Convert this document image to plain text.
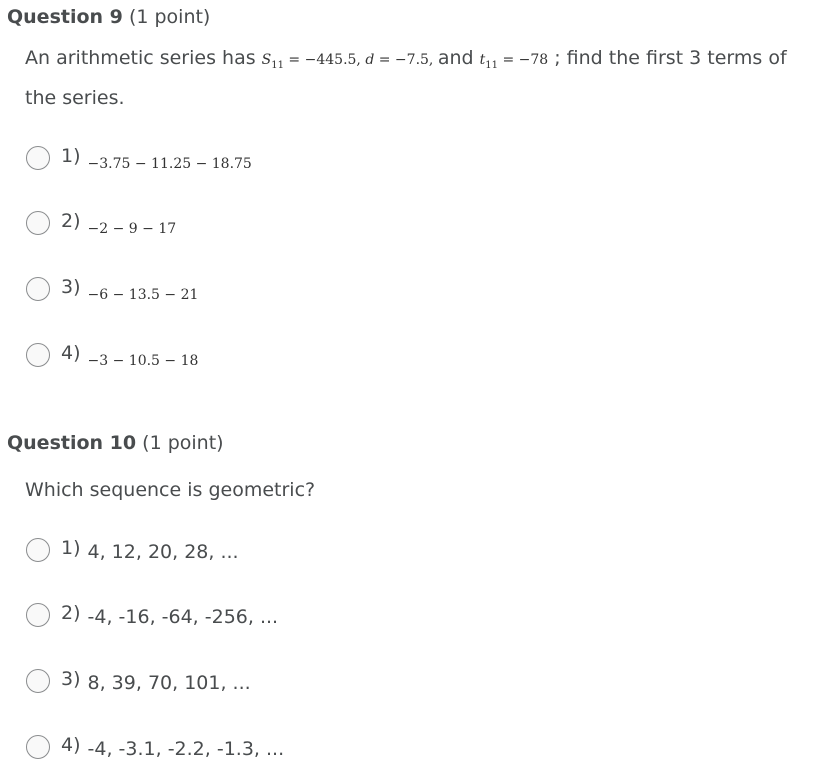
Question 9 (1 point)

An arithmetic series has $S_{11} = -445.5$, d = −7.5, and $t_{11} = -78$ ; find the first 3 terms of the series.

1) −3.75 − 11.25 − 18.75
2) −2 − 9 − 17
3) −6 − 13.5 − 21
4) −3 − 10.5 − 18
Question 10 (1 point)

Which sequence is geometric?

1) 4, 12, 20, 28, ...
2) -4, -16, -64, -256, ...
3) 8, 39, 70, 101, ...
4) -4, -3.1, -2.2, -1.3, ...
